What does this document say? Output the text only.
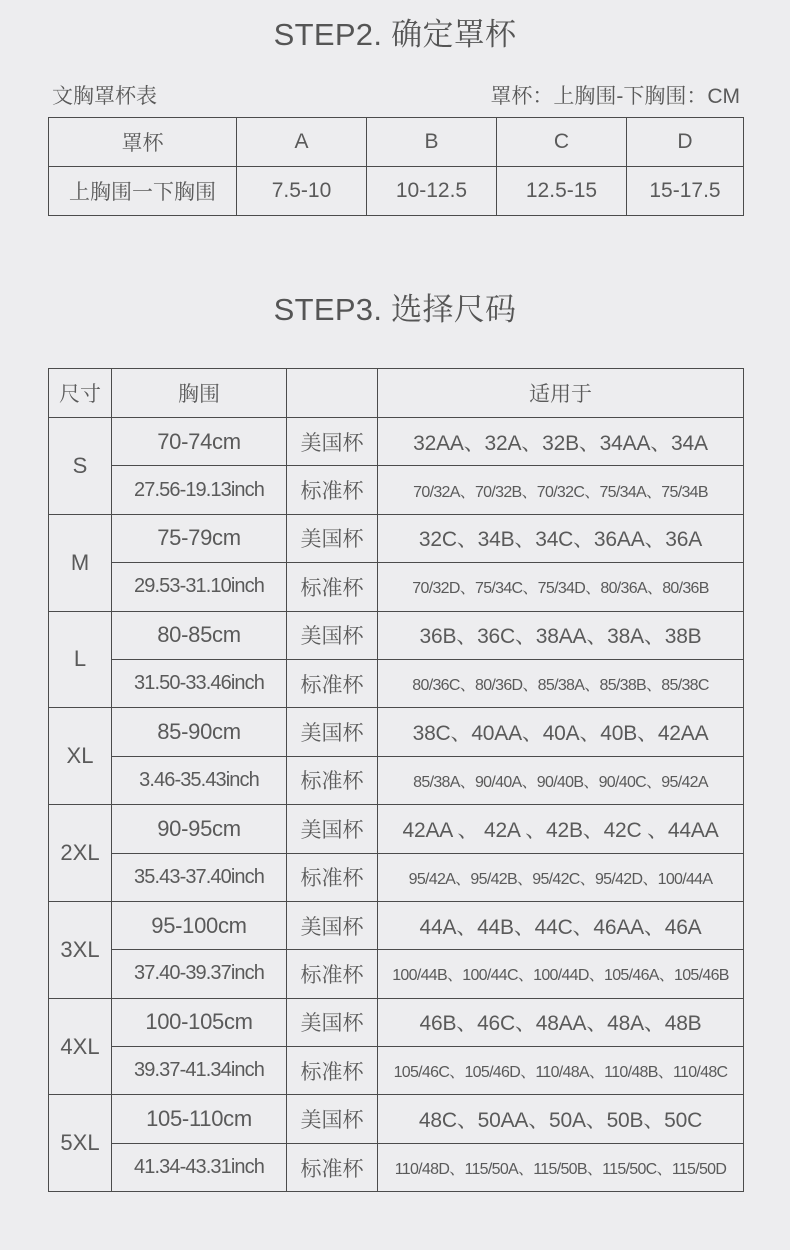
STEP2. 确定罩杯
文胸罩杯表	罩杯：上胸围-下胸围：CM
罩杯	A	B	C	D
上胸围一下胸围	7.5-10	10-12.5	12.5-15	15-17.5
STEP3. 选择尺码
尺寸	胸围		适用于
S	70-74cm	美国杯	32AA、32A、32B、34AA、34A
	27.56-19.13inch	标准杯	70/32A、70/32B、70/32C、75/34A、75/34B
M	75-79cm	美国杯	32C、34B、34C、36AA、36A
	29.53-31.10inch	标准杯	70/32D、75/34C、75/34D、80/36A、80/36B
L	80-85cm	美国杯	36B、36C、38AA、38A、38B
	31.50-33.46inch	标准杯	80/36C、80/36D、85/38A、85/38B、85/38C
XL	85-90cm	美国杯	38C、40AA、40A、40B、42AA
	3.46-35.43inch	标准杯	85/38A、90/40A、90/40B、90/40C、95/42A
2XL	90-95cm	美国杯	42AA 、 42A 、42B、42C 、44AA
	35.43-37.40inch	标准杯	95/42A、95/42B、95/42C、95/42D、100/44A
3XL	95-100cm	美国杯	44A、44B、44C、46AA、46A
	37.40-39.37inch	标准杯	100/44B、100/44C、100/44D、105/46A、105/46B
4XL	100-105cm	美国杯	46B、46C、48AA、48A、48B
	39.37-41.34inch	标准杯	105/46C、105/46D、110/48A、110/48B、110/48C
5XL	105-110cm	美国杯	48C、50AA、50A、50B、50C
	41.34-43.31inch	标准杯	110/48D、115/50A、115/50B、115/50C、115/50D
